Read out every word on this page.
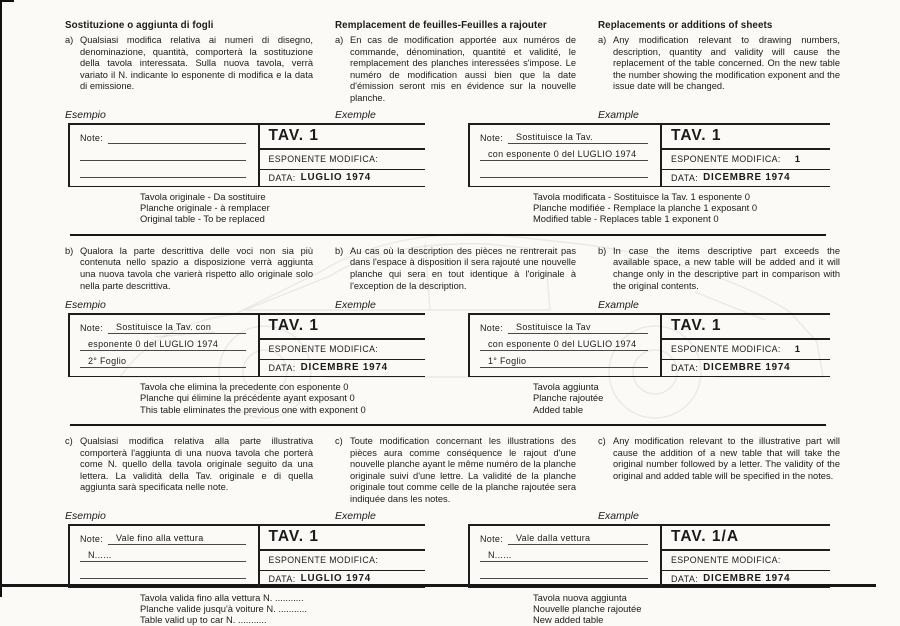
Sostituzione o aggiunta di fogli
a) Qualsiasi modifica relativa ai numeri di disegno, denominazione, quantità, comporterà la sostituzione della tavola interessata. Sulla nuova tavola, verrà variato il N. indicante lo esponente di modifica e la data di emissione.

Esempio
Remplacement de feuilles-Feuilles a rajouter
a) En cas de modification apportée aux numéros de commande, dénomination, quantité et validité, le remplacement des planches interessées s'impose. Le numéro de modification aussi bien que la date d'émission seront mis en évidence sur la nouvelle planche.

Exemple
Replacements or additions of sheets
a) Any modification relevant to drawing numbers, description, quantity and validity will cause the replacement of the table concerned. On the new table the number showing the modification exponent and the issue date will be changed.

Example
Note:	TAV. 1
ESPONENTE MODIFICA:
DATA: LUGLIO 1974
Tavola originale - Da sostituire
Planche originale - à remplacer
Original table - To be replaced
Note:	Sostituisce la Tav.
con esponente 0 del LUGLIO 1974
TAV. 1
ESPONENTE MODIFICA: 1
DATA: DICEMBRE 1974
Tavola modificata - Sostituisce la Tav. 1 esponente 0
Planche modifiée - Remplace la planche 1 exposant 0
Modified table - Replaces table 1 exponent 0
b) Qualora la parte descrittiva delle voci non sia più contenuta nello spazio a disposizione verrà aggiunta una nuova tavola che varierà rispetto allo originale solo nella parte descrittiva.

Esempio
b) Au cas où la description des pièces ne rentrerait pas dans l'espace à disposition il sera rajouté une nouvelle planche qui sera en tout identique à l'originale à l'exception de la description.

Exemple
b) In case the items descriptive part exceeds the available space, a new table will be added and it will change only in the descriptive part in comparison with the original contents.

Example
Note:	Sostituisce la Tav. con
esponente 0 del LUGLIO 1974
2° Foglio
TAV. 1
ESPONENTE MODIFICA:
DATA: DICEMBRE 1974
Tavola che elimina la precedente con esponente 0
Planche qui élimine la précédente ayant exposant 0
This table eliminates the previous one with exponent 0
Note:	Sostituisce la Tav
con esponente 0 del LUGLIO 1974
1° Foglio
TAV. 1
ESPONENTE MODIFICA: 1
DATA: DICEMBRE 1974
Tavola aggiunta
Planche rajoutée
Added table
c) Qualsiasi modifica relativa alla parte illustrativa comporterà l'aggiunta di una nuova tavola che porterà come N. quello della tavola originale seguito da una lettera. La validità della Tav. originale e di quella aggiunta sarà specificata nelle note.

Esempio
c) Toute modification concernant les illustrations des pièces aura comme conséquence le rajout d'une nouvelle planche ayant le même numéro de la planche originale suivi d'une lettre. La validité de la planche originale tout comme celle de la planche rajoutée sera indiquée dans les notes.

Exemple
c) Any modification relevant to the illustrative part will cause the addition of a new table that will take the original number followed by a letter. The validity of the original and added table will be specified in the notes.

Example
Note:	Vale fino alla vettura
N......
TAV. 1
ESPONENTE MODIFICA:
DATA: LUGLIO 1974
Tavola valida fino alla vettura N. ...........
Planche valide jusqu'à voiture N. ...........
Table valid up to car N. ...........
Note:	Vale dalla vettura
N......
TAV. 1/A
ESPONENTE MODIFICA:
DATA: DICEMBRE 1974
Tavola nuova aggiunta
Nouvelle planche rajoutée
New added table
